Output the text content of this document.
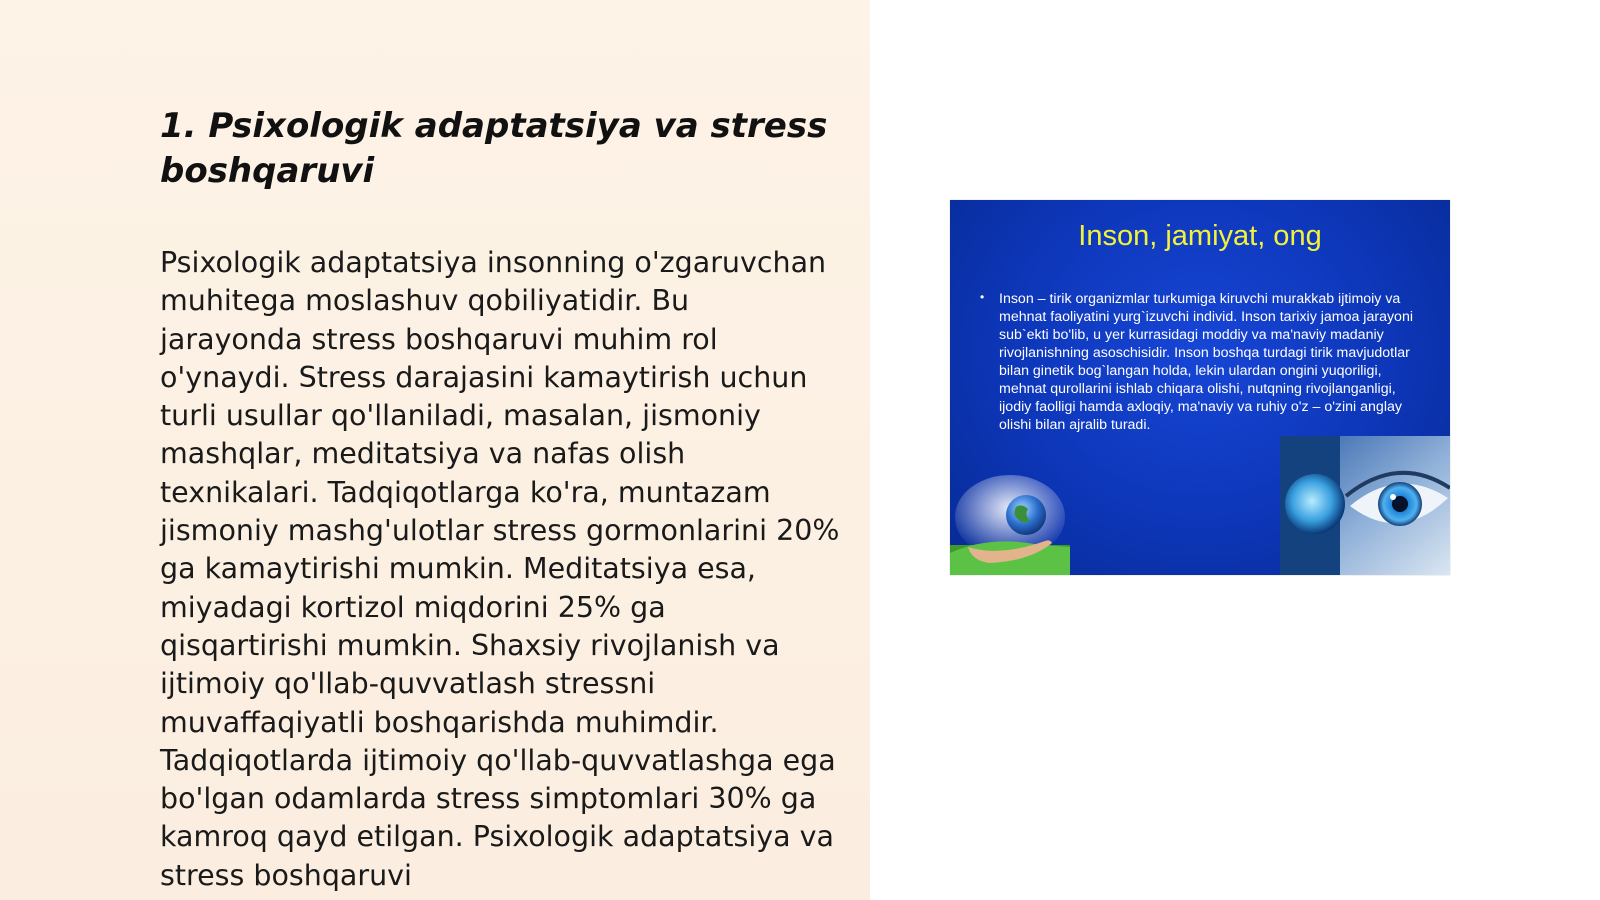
1. Psixologik adaptatsiya va stress boshqaruvi

Psixologik adaptatsiya insonning o'zgaruvchan muhitega moslashuv qobiliyatidir. Bu jarayonda stress boshqaruvi muhim rol o'ynaydi. Stress darajasini kamaytirish uchun turli usullar qo'llaniladi, masalan, jismoniy mashqlar, meditatsiya va nafas olish texnikalari. Tadqiqotlarga ko'ra, muntazam jismoniy mashg'ulotlar stress gormonlarini 20% ga kamaytirishi mumkin. Meditatsiya esa, miyadagi kortizol miqdorini 25% ga qisqartirishi mumkin. Shaxsiy rivojlanish va ijtimoiy qo'llab-quvvatlash stressni muvaffaqiyatli boshqarishda muhimdir. Tadqiqotlarda ijtimoiy qo'llab-quvvatlashga ega bo'lgan odamlarda stress simptomlari 30% ga kamroq qayd etilgan. Psixologik adaptatsiya va stress boshqaruvi

Inson, jamiyat, ong
• Inson – tirik organizmlar turkumiga kiruvchi murakkab ijtimoiy va mehnat faoliyatini yurg`izuvchi individ. Inson tarixiy jamoa jarayoni sub`ekti bo'lib, u yer kurrasidagi moddiy va ma'naviy madaniy rivojlanishning asoschisidir. Inson boshqa turdagi tirik mavjudotlar bilan ginetik bog`langan holda, lekin ulardan ongini yuqoriligi, mehnat qurollarini ishlab chiqara olishi, nutqning rivojlanganligi, ijodiy faolligi hamda axloqiy, ma'naviy va ruhiy o'z – o'zini anglay olishi bilan ajralib turadi.
